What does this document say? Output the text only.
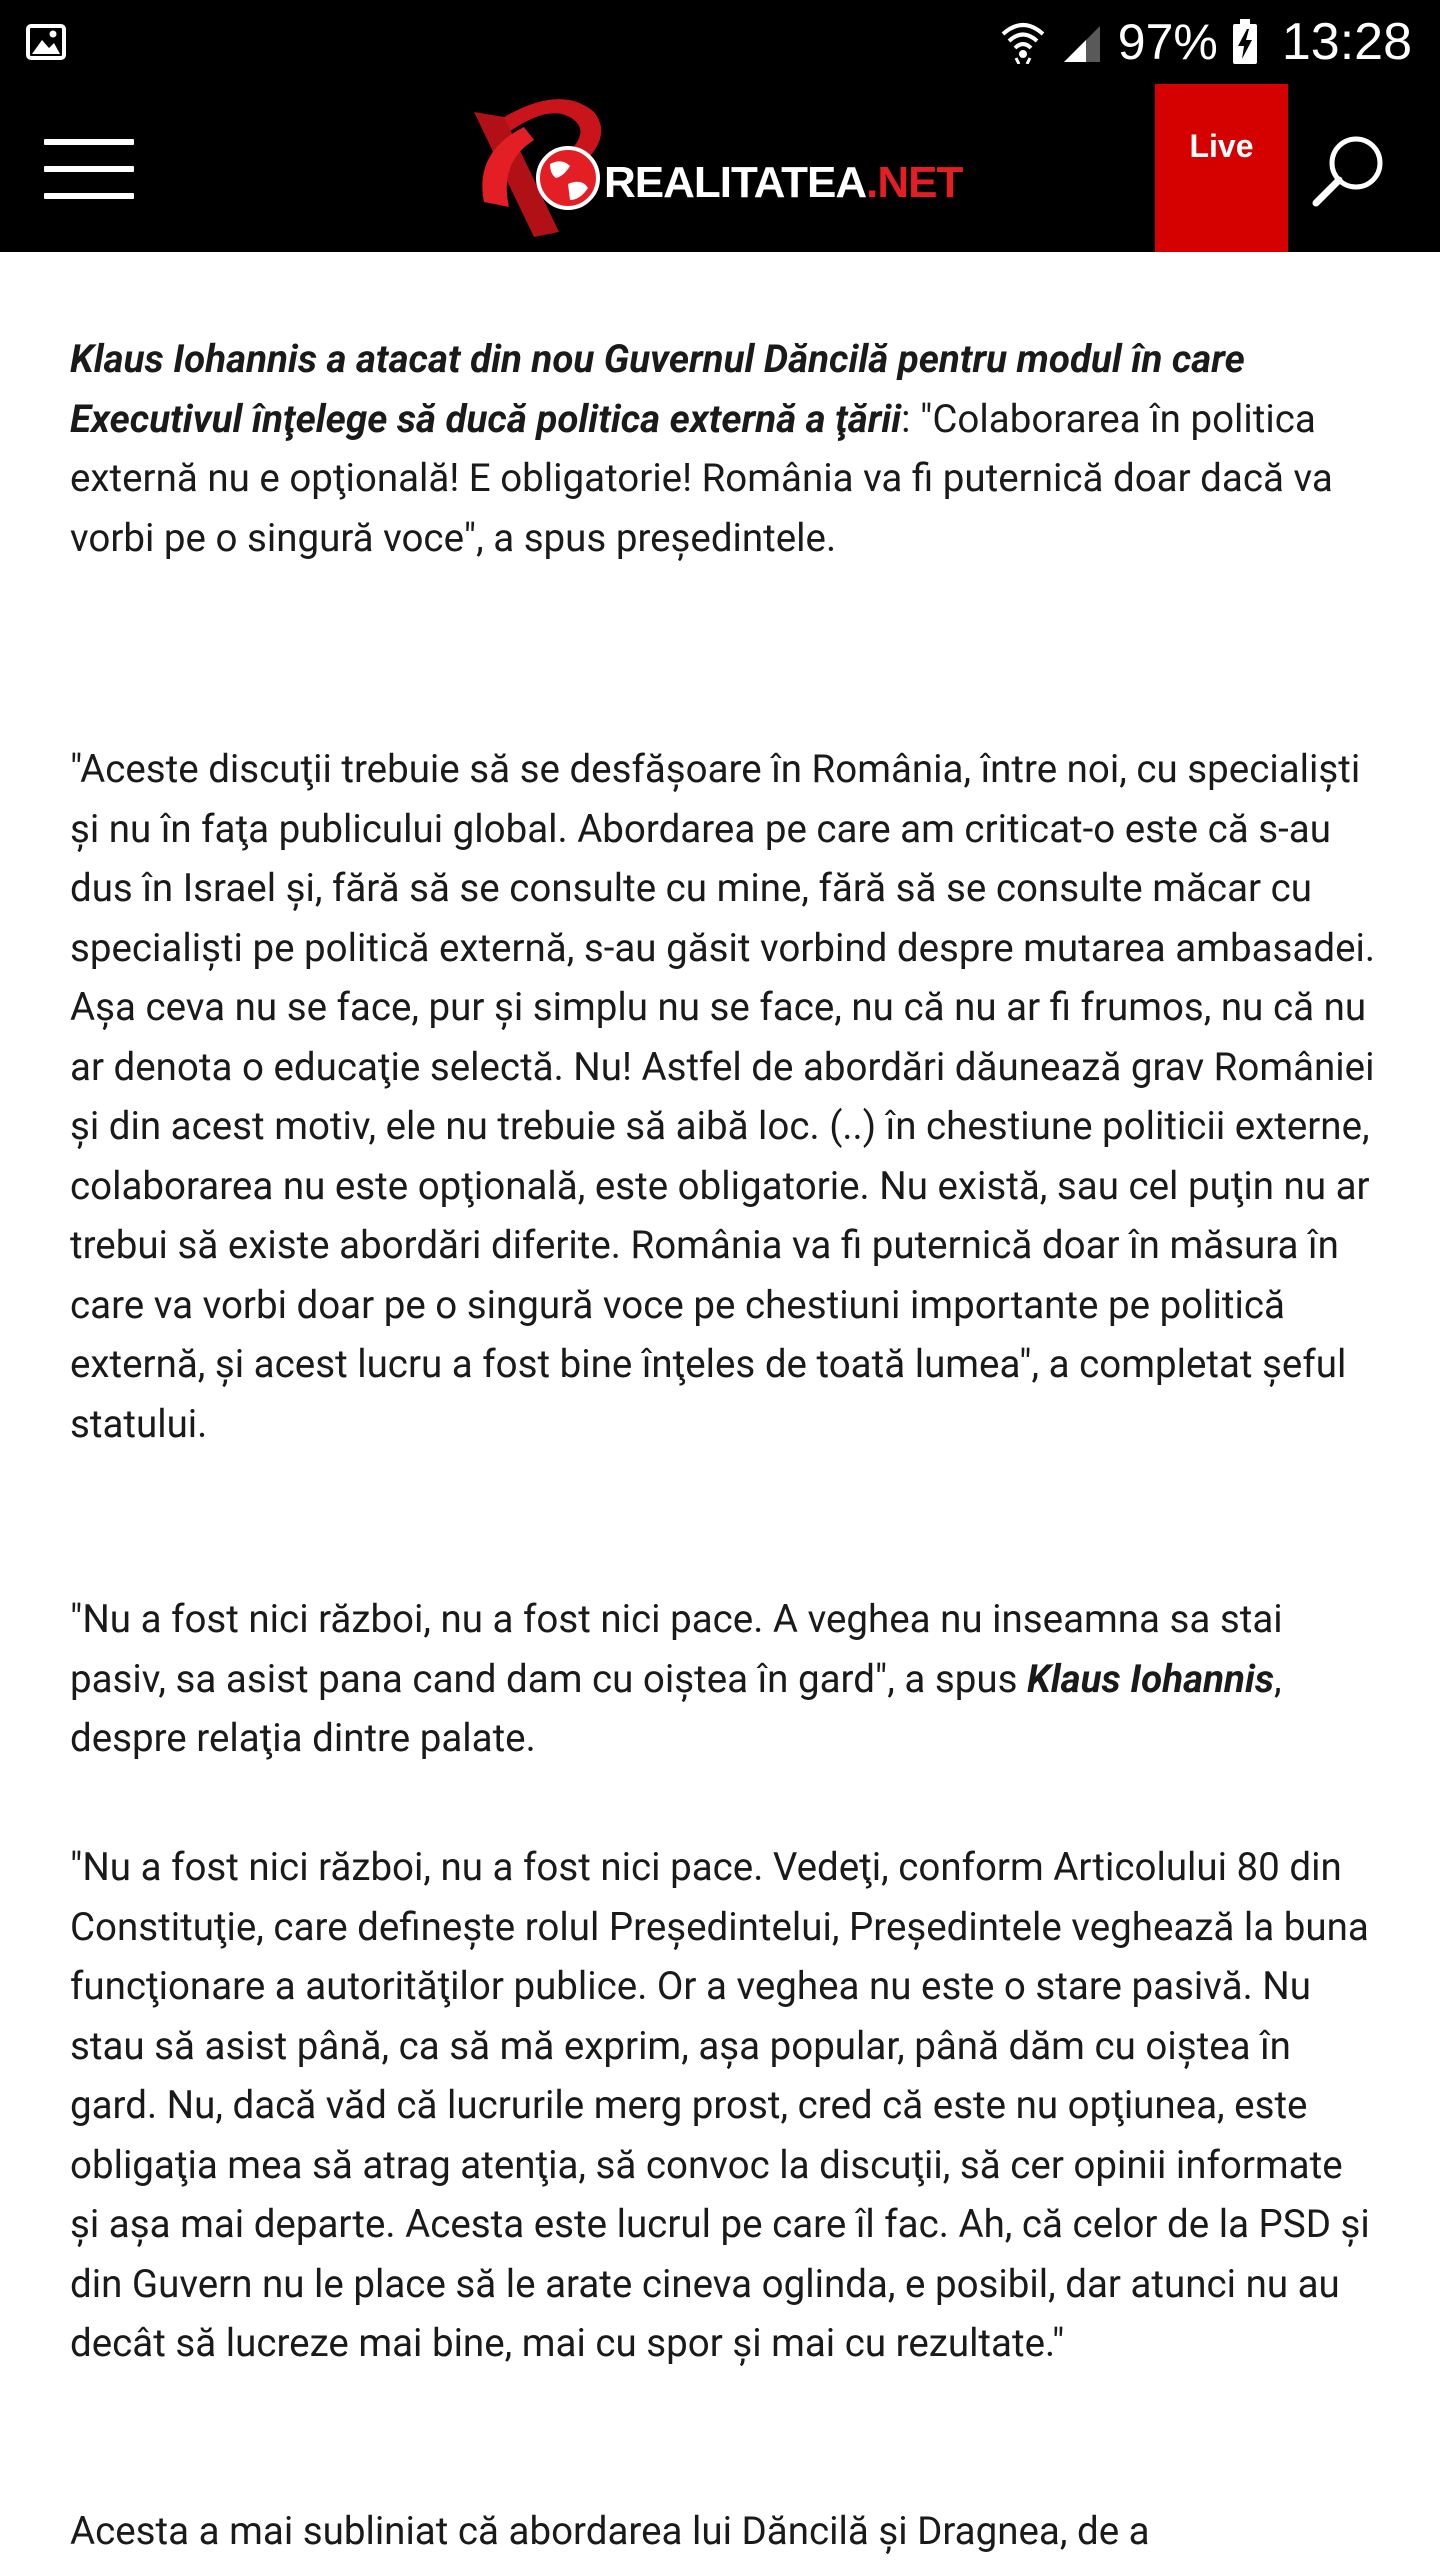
97% 13:28
REALITATEA.NET
Live

Klaus Iohannis a atacat din nou Guvernul Dăncilă pentru modul în care Executivul înţelege să ducă politica externă a ţării: "Colaborarea în politica externă nu e opţională! E obligatorie! România va fi puternică doar dacă va vorbi pe o singură voce", a spus președintele.

"Aceste discuţii trebuie să se desfășoare în România, între noi, cu specialiști și nu în faţa publicului global. Abordarea pe care am criticat-o este că s-au dus în Israel și, fără să se consulte cu mine, fără să se consulte măcar cu specialiști pe politică externă, s-au găsit vorbind despre mutarea ambasadei. Așa ceva nu se face, pur și simplu nu se face, nu că nu ar fi frumos, nu că nu ar denota o educaţie selectă. Nu! Astfel de abordări dăunează grav României și din acest motiv, ele nu trebuie să aibă loc. (..) în chestiune politicii externe, colaborarea nu este opţională, este obligatorie. Nu există, sau cel puţin nu ar trebui să existe abordări diferite. România va fi puternică doar în măsura în care va vorbi doar pe o singură voce pe chestiuni importante pe politică externă, și acest lucru a fost bine înţeles de toată lumea", a completat șeful statului.

"Nu a fost nici război, nu a fost nici pace. A veghea nu inseamna sa stai pasiv, sa asist pana cand dam cu oiștea în gard", a spus Klaus Iohannis, despre relaţia dintre palate.

″Nu a fost nici război, nu a fost nici pace. Vedeţi, conform Articolului 80 din Constituţie, care definește rolul Președintelui, Președintele veghează la buna funcţionare a autorităţilor publice. Or a veghea nu este o stare pasivă. Nu stau să asist până, ca să mă exprim, așa popular, până dăm cu oiștea în gard. Nu, dacă văd că lucrurile merg prost, cred că este nu opţiunea, este obligaţia mea să atrag atenţia, să convoc la discuţii, să cer opinii informate și așa mai departe. Acesta este lucrul pe care îl fac. Ah, că celor de la PSD și din Guvern nu le place să le arate cineva oglinda, e posibil, dar atunci nu au decât să lucreze mai bine, mai cu spor și mai cu rezultate.″

Acesta a mai subliniat că abordarea lui Dăncilă și Dragnea, de a
